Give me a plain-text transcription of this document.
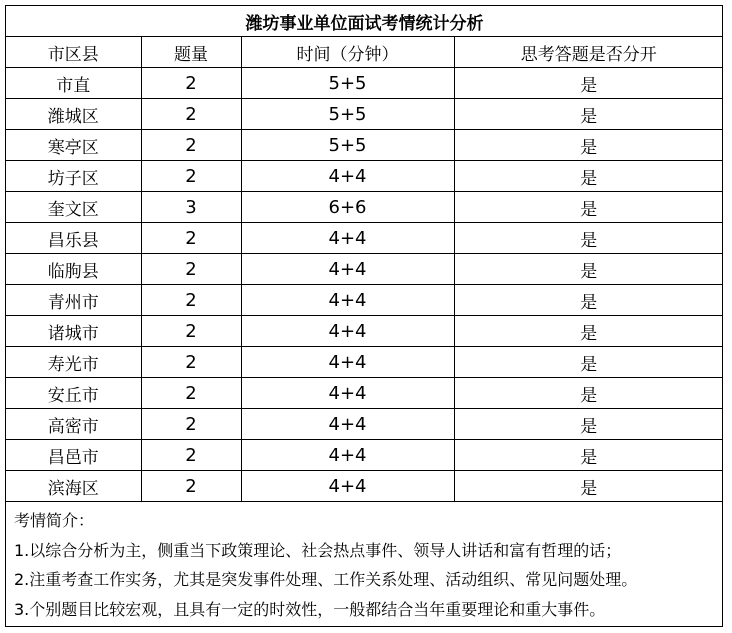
潍坊事业单位面试考情统计分析			
市区县	题量	时间（分钟）	思考答题是否分开
市直	2	5+5	是
潍城区	2	5+5	是
寒亭区	2	5+5	是
坊子区	2	4+4	是
奎文区	3	6+6	是
昌乐县	2	4+4	是
临朐县	2	4+4	是
青州市	2	4+4	是
诸城市	2	4+4	是
寿光市	2	4+4	是
安丘市	2	4+4	是
高密市	2	4+4	是
昌邑市	2	4+4	是
滨海区	2	4+4	是
考情简介：
1.以综合分析为主，侧重当下政策理论、社会热点事件、领导人讲话和富有哲理的话；
2.注重考查工作实务，尤其是突发事件处理、工作关系处理、活动组织、常见问题处理。
3.个别题目比较宏观，且具有一定的时效性，一般都结合当年重要理论和重大事件。
